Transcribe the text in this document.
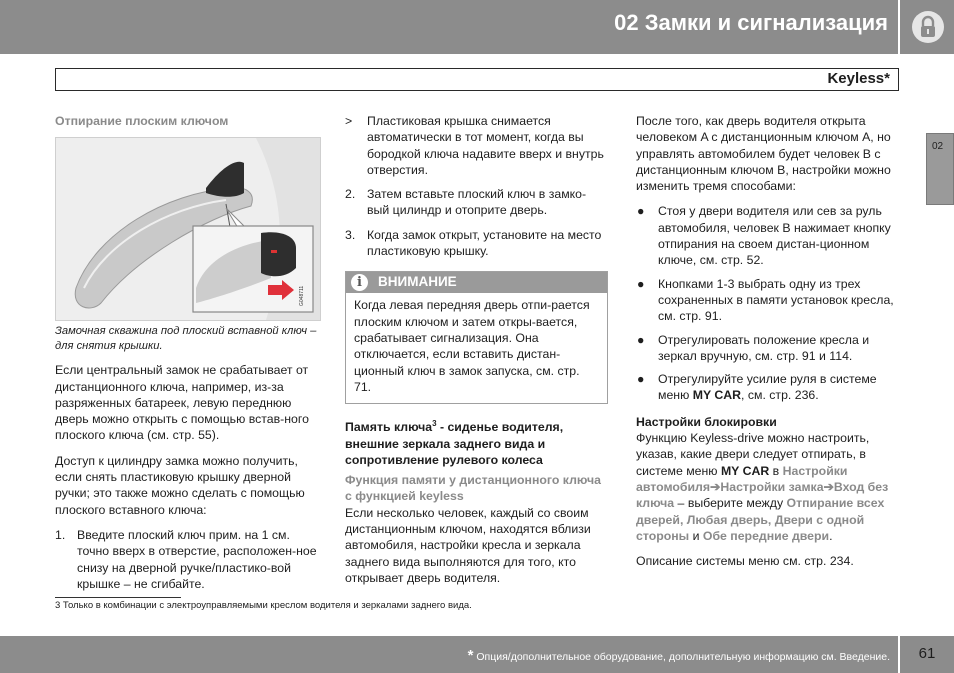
02 Замки и сигнализация
Keyless*
02
Отпирание плоским ключом
G048711
Замочная скважина под плоский вставной ключ – для снятия крышки.

Если центральный замок не срабатывает от дистанционного ключа, например, из-за разряженных батареек, левую переднюю дверь можно открыть с помощью встав-ного плоского ключа (см. стр. 55).

Доступ к цилиндру замка можно получить, если снять пластиковую крышку дверной ручки; это также можно сделать с помощью плоского вставного ключа:

1. Введите плоский ключ прим. на 1 см. точно вверх в отверстие, расположен-ное снизу на дверной ручке/пластико-вой крышке – не сгибайте.
> Пластиковая крышка снимается автоматически в тот момент, когда вы бородкой ключа надавите вверх и внутрь отверстия.
2. Затем вставьте плоский ключ в замко-вый цилиндр и отоприте дверь.
3. Когда замок открыт, установите на место пластиковую крышку.
i	ВНИМАНИЕ
Когда левая передняя дверь отпи-рается плоским ключом и затем откры-вается, срабатывает сигнализация. Она отключается, если вставить дистан-ционный ключ в замок запуска, см. стр. 71.
Память ключа$^3$ - сиденье водителя, внешние зеркала заднего вида и сопротивление рулевого колеса
Функция памяти у дистанционного ключа с функцией keyless

Если несколько человек, каждый со своим дистанционным ключом, находятся вблизи автомобиля, настройки кресла и зеркала заднего вида выполняются для того, кто открывает дверь водителя.

После того, как дверь водителя открыта человеком A с дистанционным ключом A, но управлять автомобилем будет человек B с дистанционным ключом B, настройки можно изменить тремя способами:

● Стоя у двери водителя или сев за руль автомобиля, человек B нажимает кнопку отпирания на своем дистан-ционном ключе, см. стр. 52.
● Кнопками 1-3 выбрать одну из трех сохраненных в памяти установок кресла, см. стр. 91.
● Отрегулировать положение кресла и зеркал вручную, см. стр. 91 и 114.
● Отрегулируйте усилие руля в системе меню MY CAR, см. стр. 236.
Настройки блокировки

Функцию Keyless-drive можно настроить, указав, какие двери следует отпирать, в системе меню MY CAR в Настройки автомобиля➔Настройки замка➔Вход без ключа – выберите между Отпирание всех дверей, Любая дверь, Двери с одной стороны и Обе передние двери.

Описание системы меню см. стр. 234.

3 Только в комбинации с электроуправляемыми креслом водителя и зеркалами заднего вида.
* Опция/дополнительное оборудование, дополнительную информацию см. Введение.	61
